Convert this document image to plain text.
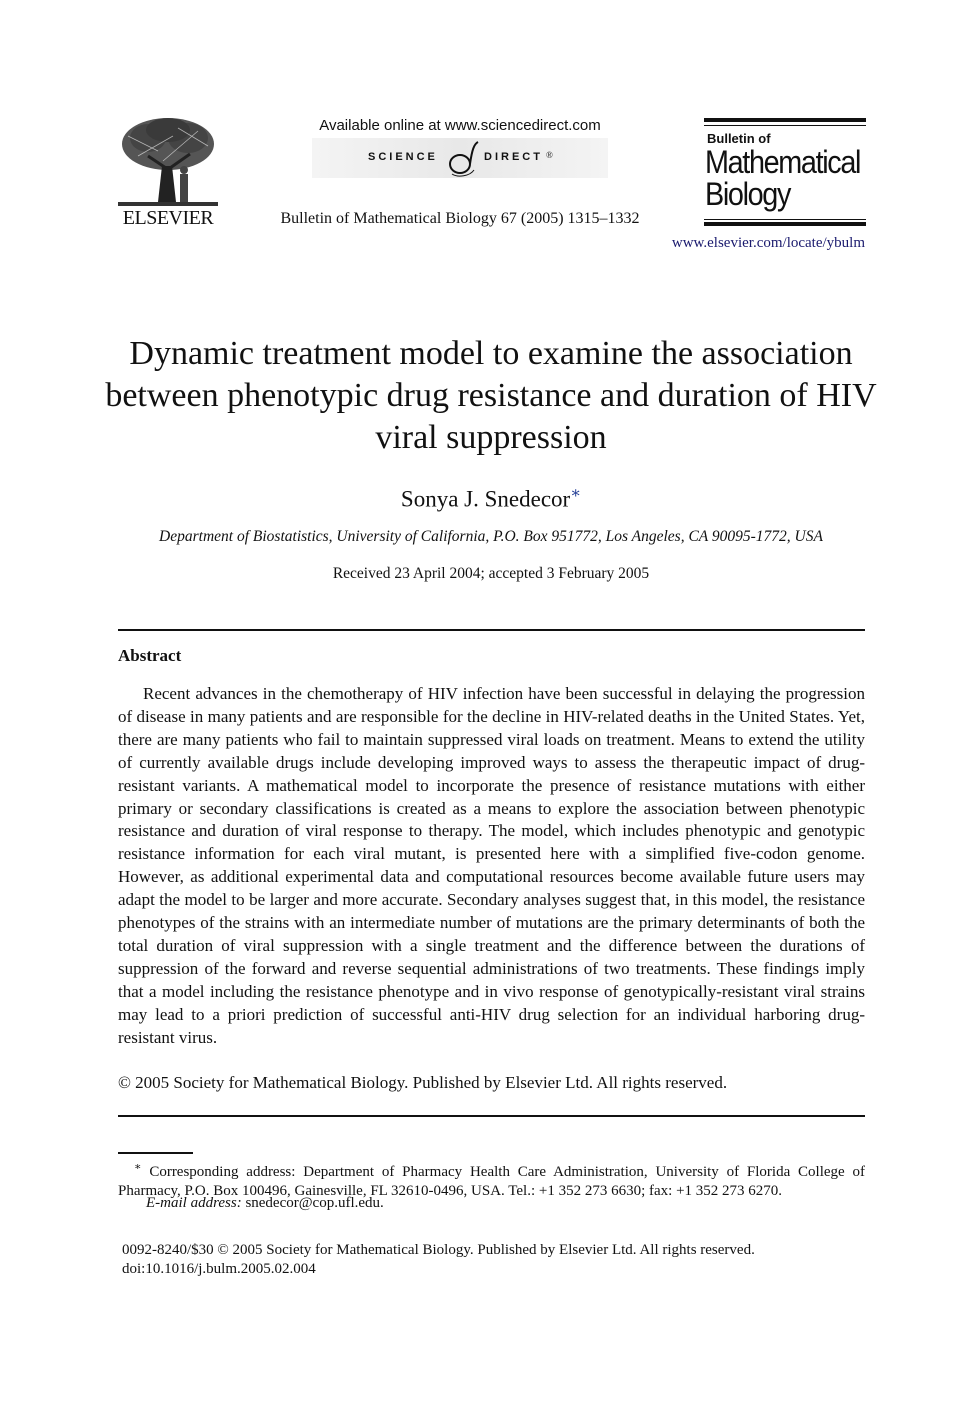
ELSEVIER
Available online at www.sciencedirect.com
SCIENCE	DIRECT ®
Bulletin of Mathematical Biology 67 (2005) 1315–1332
Bulletin of
Mathematical
Biology
www.elsevier.com/locate/ybulm
Dynamic treatment model to examine the association between phenotypic drug resistance and duration of HIV viral suppression
Sonya J. Snedecor∗
Department of Biostatistics, University of California, P.O. Box 951772, Los Angeles, CA 90095-1772, USA
Received 23 April 2004; accepted 3 February 2005
Abstract
Recent advances in the chemotherapy of HIV infection have been successful in delaying the progression of disease in many patients and are responsible for the decline in HIV-related deaths in the United States. Yet, there are many patients who fail to maintain suppressed viral loads on treatment. Means to extend the utility of currently available drugs include developing improved ways to assess the therapeutic impact of drug-resistant variants. A mathematical model to incorporate the presence of resistance mutations with either primary or secondary classifications is created as a means to explore the association between phenotypic resistance and duration of viral response to therapy. The model, which includes phenotypic and genotypic resistance information for each viral mutant, is presented here with a simplified five-codon genome. However, as additional experimental data and computational resources become available future users may adapt the model to be larger and more accurate. Secondary analyses suggest that, in this model, the resistance phenotypes of the strains with an intermediate number of mutations are the primary determinants of both the total duration of viral suppression with a single treatment and the difference between the durations of suppression of the forward and reverse sequential administrations of two treatments. These findings imply that a model including the resistance phenotype and in vivo response of genotypically-resistant viral strains may lead to a priori prediction of successful anti-HIV drug selection for an individual harboring drug-resistant virus.
© 2005 Society for Mathematical Biology. Published by Elsevier Ltd. All rights reserved.
∗ Corresponding address: Department of Pharmacy Health Care Administration, University of Florida College of Pharmacy, P.O. Box 100496, Gainesville, FL 32610-0496, USA. Tel.: +1 352 273 6630; fax: +1 352 273 6270.
E-mail address: snedecor@cop.ufl.edu.
0092-8240/$30 © 2005 Society for Mathematical Biology. Published by Elsevier Ltd. All rights reserved.
doi:10.1016/j.bulm.2005.02.004
